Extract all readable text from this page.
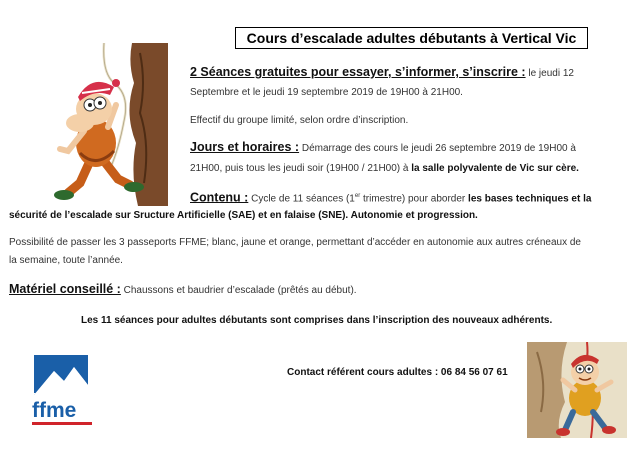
Cours d’escalade adultes débutants à Vertical Vic
2 Séances gratuites pour essayer, s’informer, s’inscrire : le jeudi 12
Septembre et le jeudi 19 septembre 2019 de 19H00 à 21H00.
Effectif du groupe limité, selon ordre d’inscription.
Jours et horaires : Démarrage des cours le jeudi 26 septembre 2019 de 19H00 à
21H00, puis tous les jeudi soir (19H00 / 21H00) à la salle polyvalente de Vic sur cère.
Contenu : Cycle de 11 séances (1er trimestre) pour aborder les bases techniques et la
sécurité de l’escalade sur Sructure Artificielle (SAE) et en falaise (SNE). Autonomie et progression.
Possibilité de passer les 3 passeports FFME; blanc, jaune et orange, permettant d’accéder en autonomie aux autres créneaux de
la semaine, toute l’année.
Matériel conseillé : Chaussons et baudrier d’escalade (prêtés au début).
Les 11 séances pour adultes débutants sont comprises dans l’inscription des nouveaux adhérents.
ffme
Contact référent cours adultes : 06 84 56 07 61
